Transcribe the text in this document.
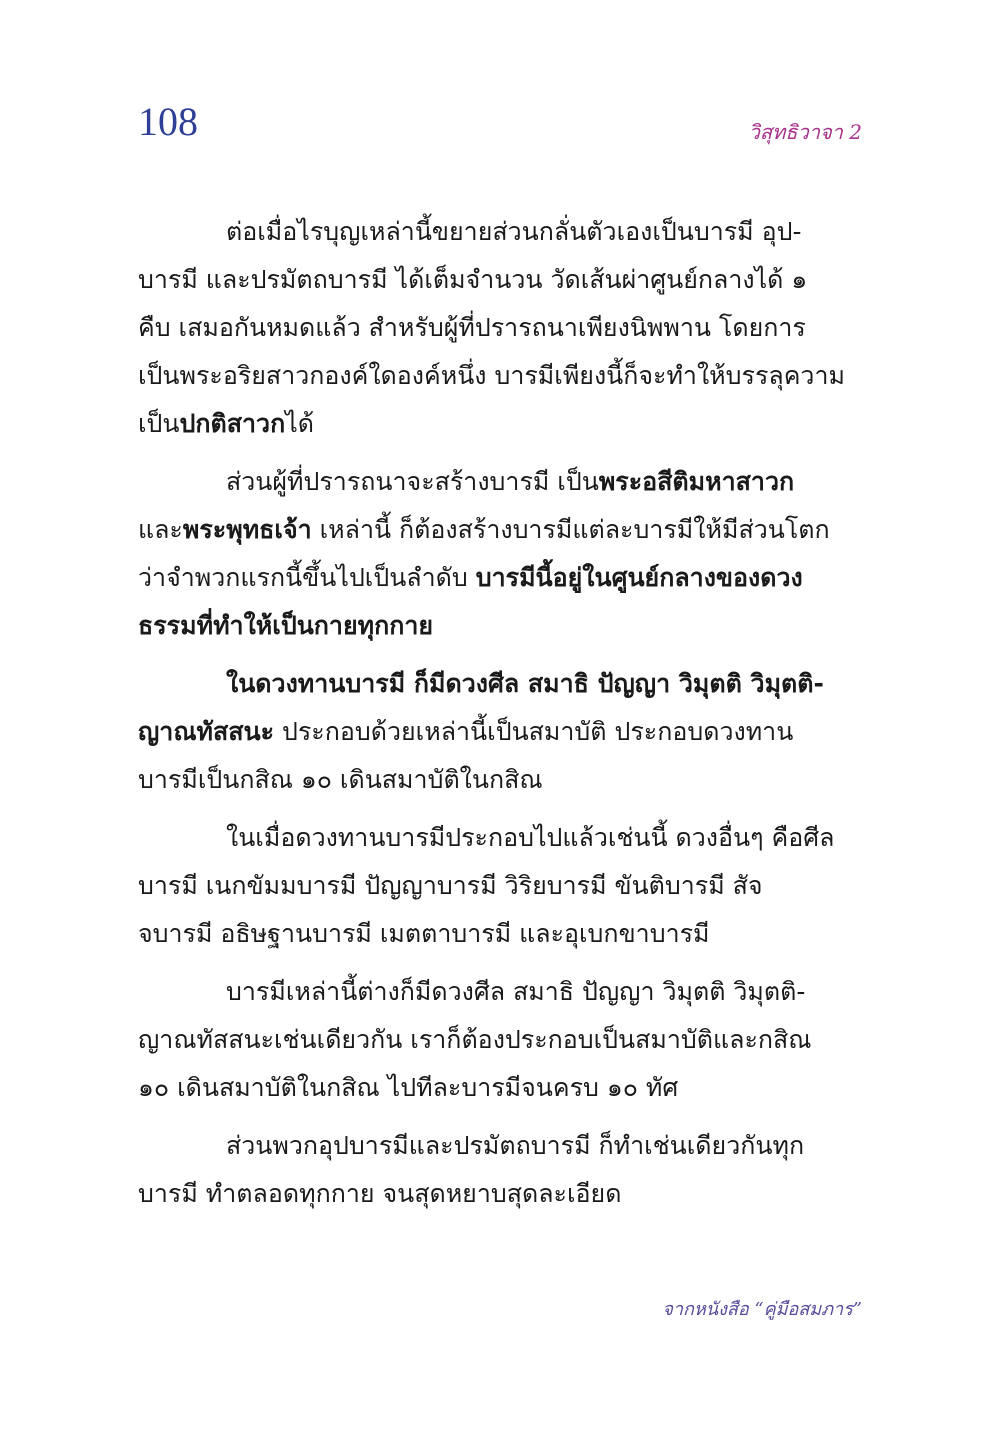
108	วิสุทธิวาจา 2
ต่อเมื่อไรบุญเหล่านี้ขยายส่วนกลั่นตัวเองเป็นบารมี อุป-
บารมี และปรมัตถบารมี ได้เต็มจำนวน วัดเส้นผ่าศูนย์กลางได้ ๑
คืบ เสมอกันหมดแล้ว สำหรับผู้ที่ปรารถนาเพียงนิพพาน โดยการ
เป็นพระอริยสาวกองค์ใดองค์หนึ่ง บารมีเพียงนี้ก็จะทำให้บรรลุความ
เป็นปกติสาวกได้
ส่วนผู้ที่ปรารถนาจะสร้างบารมี เป็นพระอสีติมหาสาวก
และพระพุทธเจ้า เหล่านี้ ก็ต้องสร้างบารมีแต่ละบารมีให้มีส่วนโตก
ว่าจำพวกแรกนี้ขึ้นไปเป็นลำดับ บารมีนี้อยู่ในศูนย์กลางของดวง
ธรรมที่ทำให้เป็นกายทุกกาย
ในดวงทานบารมี ก็มีดวงศีล สมาธิ ปัญญา วิมุตติ วิมุตติ-
ญาณทัสสนะ ประกอบด้วยเหล่านี้เป็นสมาบัติ ประกอบดวงทาน
บารมีเป็นกสิณ ๑๐ เดินสมาบัติในกสิณ
ในเมื่อดวงทานบารมีประกอบไปแล้วเช่นนี้ ดวงอื่นๆ คือศีล
บารมี เนกขัมมบารมี ปัญญาบารมี วิริยบารมี ขันติบารมี สัจ
จบารมี อธิษฐานบารมี เมตตาบารมี และอุเบกขาบารมี
บารมีเหล่านี้ต่างก็มีดวงศีล สมาธิ ปัญญา วิมุตติ วิมุตติ-
ญาณทัสสนะเช่นเดียวกัน เราก็ต้องประกอบเป็นสมาบัติและกสิณ
๑๐ เดินสมาบัติในกสิณ ไปทีละบารมีจนครบ ๑๐ ทัศ
ส่วนพวกอุปบารมีและปรมัตถบารมี ก็ทำเช่นเดียวกันทุก
บารมี ทำตลอดทุกกาย จนสุดหยาบสุดละเอียด
จากหนังสือ “คู่มือสมภาร”
